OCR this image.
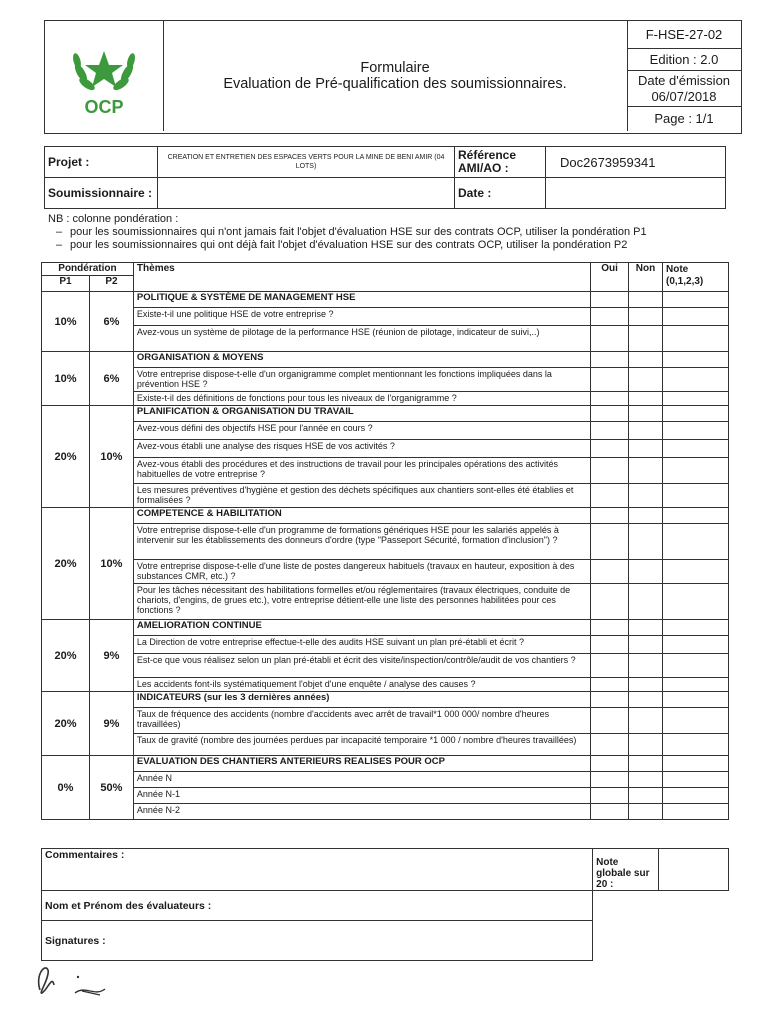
OCP
Formulaire
Evaluation de Pré-qualification des soumissionnaires.
F-HSE-27-02
Edition : 2.0
Date d'émission
06/07/2018
Page : 1/1
Projet :	CREATION ET ENTRETIEN DES ESPACES VERTS POUR LA MINE DE BENI AMIR (04 LOTS)	Référence AMI/AO :	Doc2673959341
Soumissionnaire :		Date :	
NB : colonne pondération :
– pour les soumissionnaires qui n'ont jamais fait l'objet d'évaluation HSE sur des contrats OCP, utiliser la pondération P1
– pour les soumissionnaires qui ont déjà fait l'objet d'évaluation HSE sur des contrats OCP, utiliser la pondération P2
Pondération		Thèmes	Oui	Non	Note (0,1,2,3)
P1	P2				
10%	6%	POLITIQUE & SYSTÈME DE MANAGEMENT HSE			
		Existe-t-il une politique HSE de votre entreprise ?			
		Avez-vous un système de pilotage de la performance HSE (réunion de pilotage, indicateur de suivi,..)			
10%	6%	ORGANISATION & MOYENS			
		Votre entreprise dispose-t-elle d'un organigramme complet mentionnant les fonctions impliquées dans la prévention HSE ?			
		Existe-t-il des définitions de fonctions pour tous les niveaux de l'organigramme ?			
20%	10%	PLANIFICATION & ORGANISATION DU TRAVAIL			
		Avez-vous défini des objectifs HSE pour l'année en cours ?			
		Avez-vous établi une analyse des risques HSE de vos activités ?			
		Avez-vous établi des procédures et des instructions de travail pour les principales opérations des activités habituelles de votre entreprise ?			
		Les mesures préventives d'hygiène et gestion des déchets spécifiques aux chantiers sont-elles été établies et formalisées ?			
20%	10%	COMPETENCE & HABILITATION			
		Votre entreprise dispose-t-elle d'un programme de formations génériques HSE pour les salariés appelés à intervenir sur les établissements des donneurs d'ordre (type "Passeport Sécurité, formation d'inclusion") ?			
		Votre entreprise dispose-t-elle d'une liste de postes dangereux habituels (travaux en hauteur, exposition à des substances CMR, etc.) ?			
		Pour les tâches nécessitant des habilitations formelles et/ou réglementaires (travaux électriques, conduite de chariots, d'engins, de grues etc.), votre entreprise détient-elle une liste des personnes habilitées pour ces fonctions ?			
20%	9%	AMELIORATION CONTINUE			
		La Direction de votre entreprise effectue-t-elle des audits HSE suivant un plan pré-établi et écrit ?			
		Est-ce que vous réalisez selon un plan pré-établi et écrit des visite/inspection/contrôle/audit de vos chantiers ?			
		Les accidents font-ils systématiquement l'objet d'une enquête / analyse des causes ?			
20%	9%	INDICATEURS (sur les 3 dernières années)			
		Taux de fréquence des accidents (nombre d'accidents avec arrêt de travail*1 000 000/ nombre d'heures travaillées)			
		Taux de gravité (nombre des journées perdues par incapacité temporaire *1 000 / nombre d'heures travaillées)			
0%	50%	EVALUATION DES CHANTIERS ANTERIEURS REALISES POUR OCP			
		Année N			
		Année N-1			
		Année N-2			
Commentaires :	Note globale sur 20 :	
Nom et Prénom des évaluateurs :		
Signatures :		
